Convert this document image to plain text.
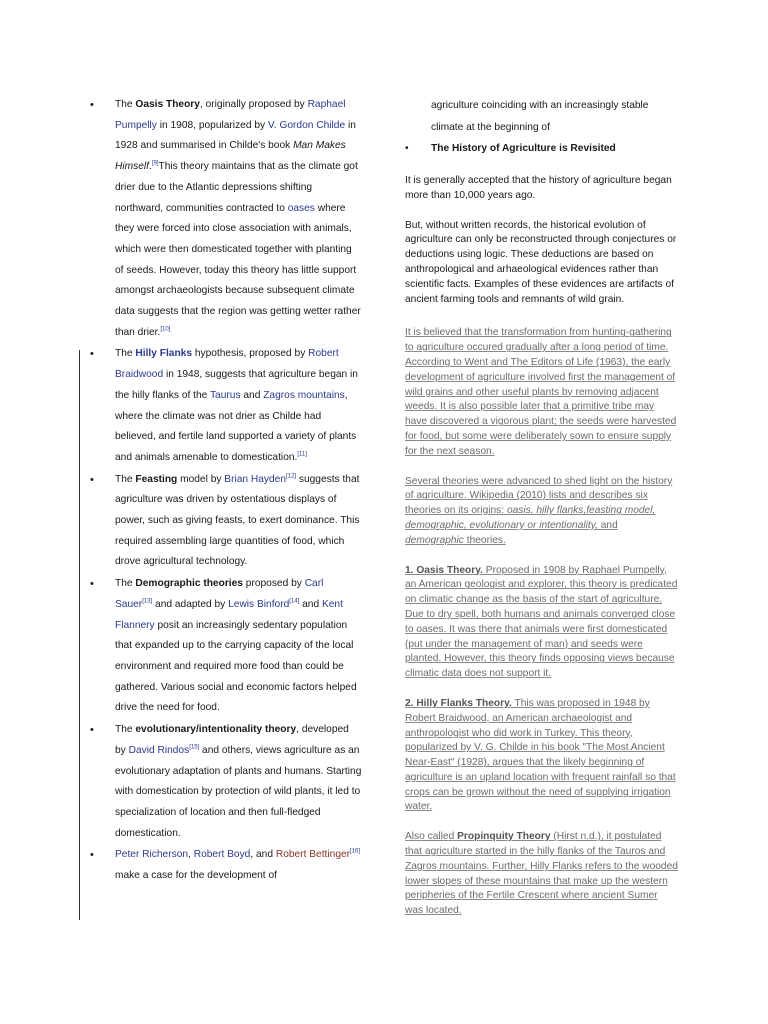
• The Oasis Theory, originally proposed by Raphael Pumpelly in 1908, popularized by V. Gordon Childe in 1928 and summarised in Childe's book Man Makes Himself.[9]This theory maintains that as the climate got drier due to the Atlantic depressions shifting northward, communities contracted to oases where they were forced into close association with animals, which were then domesticated together with planting of seeds. However, today this theory has little support amongst archaeologists because subsequent climate data suggests that the region was getting wetter rather than drier.[10]

• The Hilly Flanks hypothesis, proposed by Robert Braidwood in 1948, suggests that agriculture began in the hilly flanks of the Taurus and Zagros mountains, where the climate was not drier as Childe had believed, and fertile land supported a variety of plants and animals amenable to domestication.[11]

• The Feasting model by Brian Hayden[12] suggests that agriculture was driven by ostentatious displays of power, such as giving feasts, to exert dominance. This required assembling large quantities of food, which drove agricultural technology.

• The Demographic theories proposed by Carl Sauer[13] and adapted by Lewis Binford[14] and Kent Flannery posit an increasingly sedentary population that expanded up to the carrying capacity of the local environment and required more food than could be gathered. Various social and economic factors helped drive the need for food.

• The evolutionary/intentionality theory, developed by David Rindos[15] and others, views agriculture as an evolutionary adaptation of plants and humans. Starting with domestication by protection of wild plants, it led to specialization of location and then full-fledged domestication.

• Peter Richerson, Robert Boyd, and Robert Bettinger[16] make a case for the development of

agriculture coinciding with an increasingly stable climate at the beginning of
• The History of Agriculture is Revisited

It is generally accepted that the history of agriculture began more than 10,000 years ago.

But, without written records, the historical evolution of agriculture can only be reconstructed through conjectures or deductions using logic. These deductions are based on anthropological and arhaeological evidences rather than scientific facts. Examples of these evidences are artifacts of ancient farming tools and remnants of wild grain.

It is believed that the transformation from hunting-gathering to agriculture occured gradually after a long period of time. According to Went and The Editors of Life (1963), the early development of agriculture involved first the management of wild grains and other useful plants by removing adjacent weeds. It is also possible later that a primitive tribe may have discovered a vigorous plant; the seeds were harvested for food, but some were deliberately sown to ensure supply for the next season.

Several theories were advanced to shed light on the history of agriculture. Wikipedia (2010) lists and describes six theories on its origins: oasis, hilly flanks,feasting model, demographic, evolutionary or intentionality, and demographic theories.

1. Oasis Theory. Proposed in 1908 by Raphael Pumpelly, an American geologist and explorer, this theory is predicated on climatic change as the basis of the start of agriculture. Due to dry spell, both humans and animals converged close to oases. It was there that animals were first domesticated (put under the management of man) and seeds were planted. However, this theory finds opposing views because climatic data does not support it.

2. Hilly Flanks Theory. This was proposed in 1948 by Robert Braidwood, an American archaeologist and anthropologist who did work in Turkey. This theory, popularized by V. G. Childe in his book "The Most Ancient Near-East" (1928), argues that the likely beginning of agriculture is an upland location with frequent rainfall so that crops can be grown without the need of supplying irrigation water.

Also called Propinquity Theory (Hirst n.d.), it postulated that agriculture started in the hilly flanks of the Tauros and Zagros mountains. Further, Hilly Flanks refers to the wooded lower slopes of these mountains that make up the western peripheries of the Fertile Crescent where ancient Sumer was located.
